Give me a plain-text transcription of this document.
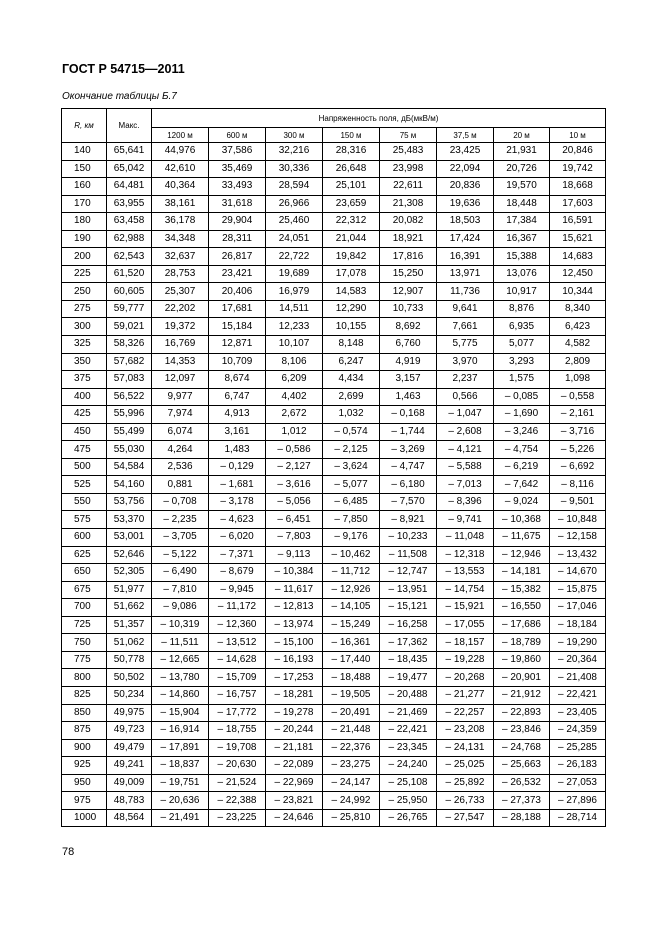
ГОСТ Р 54715—2011
Окончание таблицы Б.7
R, км	Макс.	Напряженность поля, дБ(мкВ/м)							
		1200 м	600 м	300 м	150 м	75 м	37,5 м	20 м	10 м
140	65,641	44,976	37,586	32,216	28,316	25,483	23,425	21,931	20,846
150	65,042	42,610	35,469	30,336	26,648	23,998	22,094	20,726	19,742
160	64,481	40,364	33,493	28,594	25,101	22,611	20,836	19,570	18,668
170	63,955	38,161	31,618	26,966	23,659	21,308	19,636	18,448	17,603
180	63,458	36,178	29,904	25,460	22,312	20,082	18,503	17,384	16,591
190	62,988	34,348	28,311	24,051	21,044	18,921	17,424	16,367	15,621
200	62,543	32,637	26,817	22,722	19,842	17,816	16,391	15,388	14,683
225	61,520	28,753	23,421	19,689	17,078	15,250	13,971	13,076	12,450
250	60,605	25,307	20,406	16,979	14,583	12,907	11,736	10,917	10,344
275	59,777	22,202	17,681	14,511	12,290	10,733	9,641	8,876	8,340
300	59,021	19,372	15,184	12,233	10,155	8,692	7,661	6,935	6,423
325	58,326	16,769	12,871	10,107	8,148	6,760	5,775	5,077	4,582
350	57,682	14,353	10,709	8,106	6,247	4,919	3,970	3,293	2,809
375	57,083	12,097	8,674	6,209	4,434	3,157	2,237	1,575	1,098
400	56,522	9,977	6,747	4,402	2,699	1,463	0,566	– 0,085	– 0,558
425	55,996	7,974	4,913	2,672	1,032	– 0,168	– 1,047	– 1,690	– 2,161
450	55,499	6,074	3,161	1,012	– 0,574	– 1,744	– 2,608	– 3,246	– 3,716
475	55,030	4,264	1,483	– 0,586	– 2,125	– 3,269	– 4,121	– 4,754	– 5,226
500	54,584	2,536	– 0,129	– 2,127	– 3,624	– 4,747	– 5,588	– 6,219	– 6,692
525	54,160	0,881	– 1,681	– 3,616	– 5,077	– 6,180	– 7,013	– 7,642	– 8,116
550	53,756	– 0,708	– 3,178	– 5,056	– 6,485	– 7,570	– 8,396	– 9,024	– 9,501
575	53,370	– 2,235	– 4,623	– 6,451	– 7,850	– 8,921	– 9,741	– 10,368	– 10,848
600	53,001	– 3,705	– 6,020	– 7,803	– 9,176	– 10,233	– 11,048	– 11,675	– 12,158
625	52,646	– 5,122	– 7,371	– 9,113	– 10,462	– 11,508	– 12,318	– 12,946	– 13,432
650	52,305	– 6,490	– 8,679	– 10,384	– 11,712	– 12,747	– 13,553	– 14,181	– 14,670
675	51,977	– 7,810	– 9,945	– 11,617	– 12,926	– 13,951	– 14,754	– 15,382	– 15,875
700	51,662	– 9,086	– 11,172	– 12,813	– 14,105	– 15,121	– 15,921	– 16,550	– 17,046
725	51,357	– 10,319	– 12,360	– 13,974	– 15,249	– 16,258	– 17,055	– 17,686	– 18,184
750	51,062	– 11,511	– 13,512	– 15,100	– 16,361	– 17,362	– 18,157	– 18,789	– 19,290
775	50,778	– 12,665	– 14,628	– 16,193	– 17,440	– 18,435	– 19,228	– 19,860	– 20,364
800	50,502	– 13,780	– 15,709	– 17,253	– 18,488	– 19,477	– 20,268	– 20,901	– 21,408
825	50,234	– 14,860	– 16,757	– 18,281	– 19,505	– 20,488	– 21,277	– 21,912	– 22,421
850	49,975	– 15,904	– 17,772	– 19,278	– 20,491	– 21,469	– 22,257	– 22,893	– 23,405
875	49,723	– 16,914	– 18,755	– 20,244	– 21,448	– 22,421	– 23,208	– 23,846	– 24,359
900	49,479	– 17,891	– 19,708	– 21,181	– 22,376	– 23,345	– 24,131	– 24,768	– 25,285
925	49,241	– 18,837	– 20,630	– 22,089	– 23,275	– 24,240	– 25,025	– 25,663	– 26,183
950	49,009	– 19,751	– 21,524	– 22,969	– 24,147	– 25,108	– 25,892	– 26,532	– 27,053
975	48,783	– 20,636	– 22,388	– 23,821	– 24,992	– 25,950	– 26,733	– 27,373	– 27,896
1000	48,564	– 21,491	– 23,225	– 24,646	– 25,810	– 26,765	– 27,547	– 28,188	– 28,714
78
